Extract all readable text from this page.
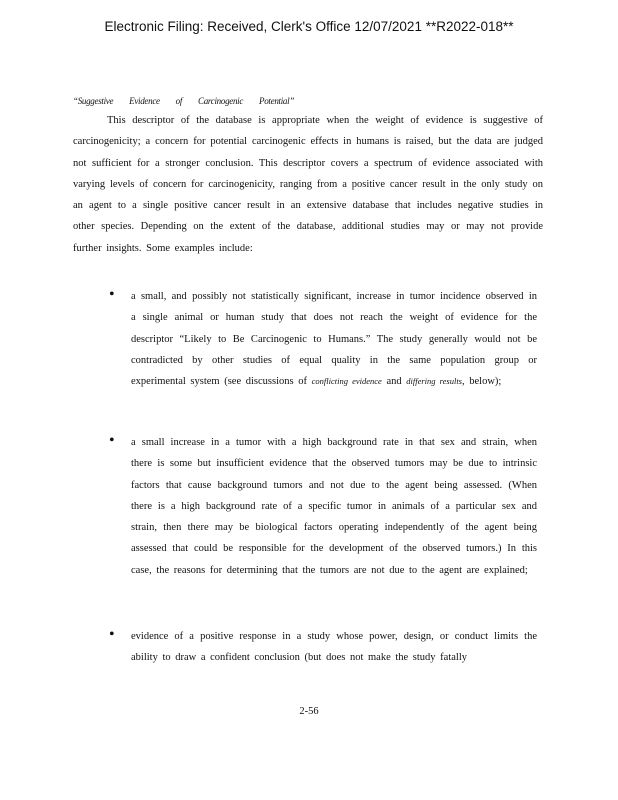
Electronic Filing: Received, Clerk's Office 12/07/2021 **R2022-018**

“Suggestive Evidence of Carcinogenic Potential”

This descriptor of the database is appropriate when the weight of evidence is suggestive of carcinogenicity; a concern for potential carcinogenic effects in humans is raised, but the data are judged not sufficient for a stronger conclusion. This descriptor covers a spectrum of evidence associated with varying levels of concern for carcinogenicity, ranging from a positive cancer result in the only study on an agent to a single positive cancer result in an extensive database that includes negative studies in other species. Depending on the extent of the database, additional studies may or may not provide further insights. Some examples include:

• a small, and possibly not statistically significant, increase in tumor incidence observed in a single animal or human study that does not reach the weight of evidence for the descriptor “Likely to Be Carcinogenic to Humans.” The study generally would not be contradicted by other studies of equal quality in the same population group or experimental system (see discussions of conflicting evidence and differing results, below);
• a small increase in a tumor with a high background rate in that sex and strain, when there is some but insufficient evidence that the observed tumors may be due to intrinsic factors that cause background tumors and not due to the agent being assessed. (When there is a high background rate of a specific tumor in animals of a particular sex and strain, then there may be biological factors operating independently of the agent being assessed that could be responsible for the development of the observed tumors.) In this case, the reasons for determining that the tumors are not due to the agent are explained;
• evidence of a positive response in a study whose power, design, or conduct limits the ability to draw a confident conclusion (but does not make the study fatally
2-56
